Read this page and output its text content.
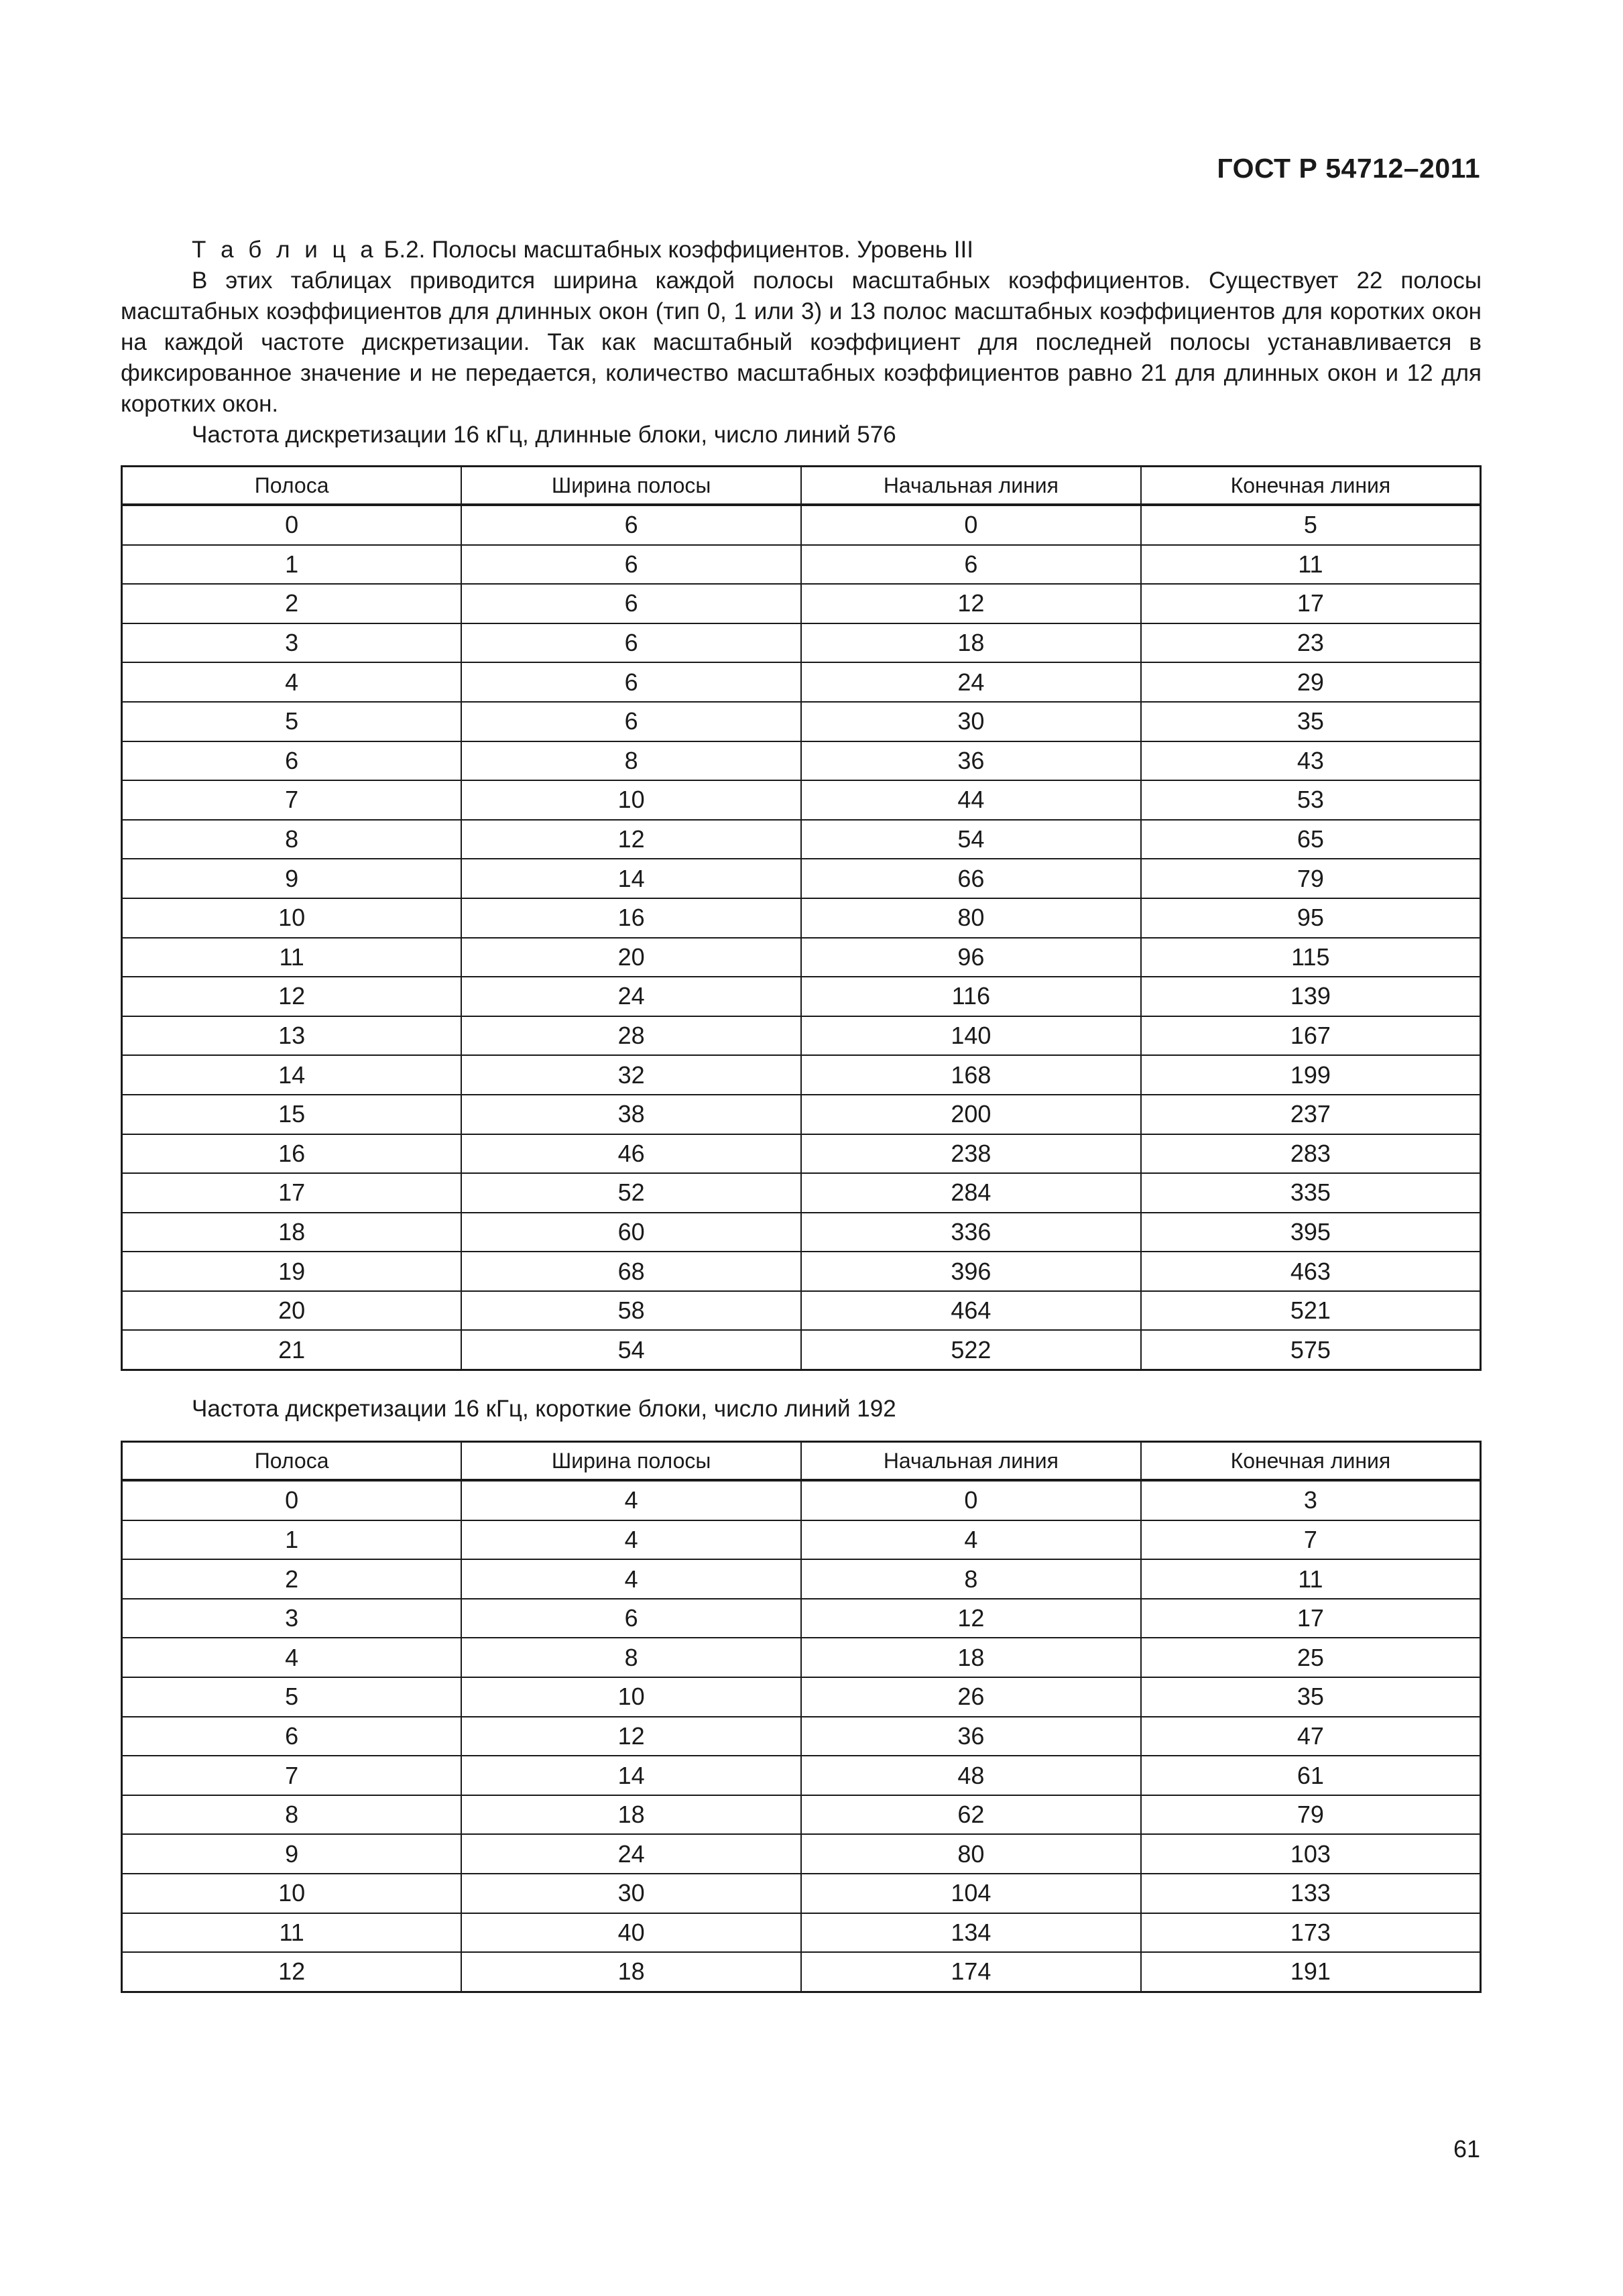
ГОСТ Р 54712–2011

Т а б л и ц а Б.2. Полосы масштабных коэффициентов. Уровень III

В этих таблицах приводится ширина каждой полосы масштабных коэффициентов. Существует 22 полосы масштабных коэффициентов для длинных окон (тип 0, 1 или 3) и 13 полос масштабных коэффициентов для коротких окон на каждой частоте дискретизации. Так как масштабный коэффициент для последней полосы устанавливается в фиксированное значение и не передается, количество масштабных коэффициентов равно 21 для длинных окон и 12 для коротких окон.

Частота дискретизации 16 кГц, длинные блоки, число линий 576

Полоса	Ширина полосы	Начальная линия	Конечная линия
0	6	0	5
1	6	6	11
2	6	12	17
3	6	18	23
4	6	24	29
5	6	30	35
6	8	36	43
7	10	44	53
8	12	54	65
9	14	66	79
10	16	80	95
11	20	96	115
12	24	116	139
13	28	140	167
14	32	168	199
15	38	200	237
16	46	238	283
17	52	284	335
18	60	336	395
19	68	396	463
20	58	464	521
21	54	522	575

Частота дискретизации 16 кГц, короткие блоки, число линий 192

Полоса	Ширина полосы	Начальная линия	Конечная линия
0	4	0	3
1	4	4	7
2	4	8	11
3	6	12	17
4	8	18	25
5	10	26	35
6	12	36	47
7	14	48	61
8	18	62	79
9	24	80	103
10	30	104	133
11	40	134	173
12	18	174	191
61
